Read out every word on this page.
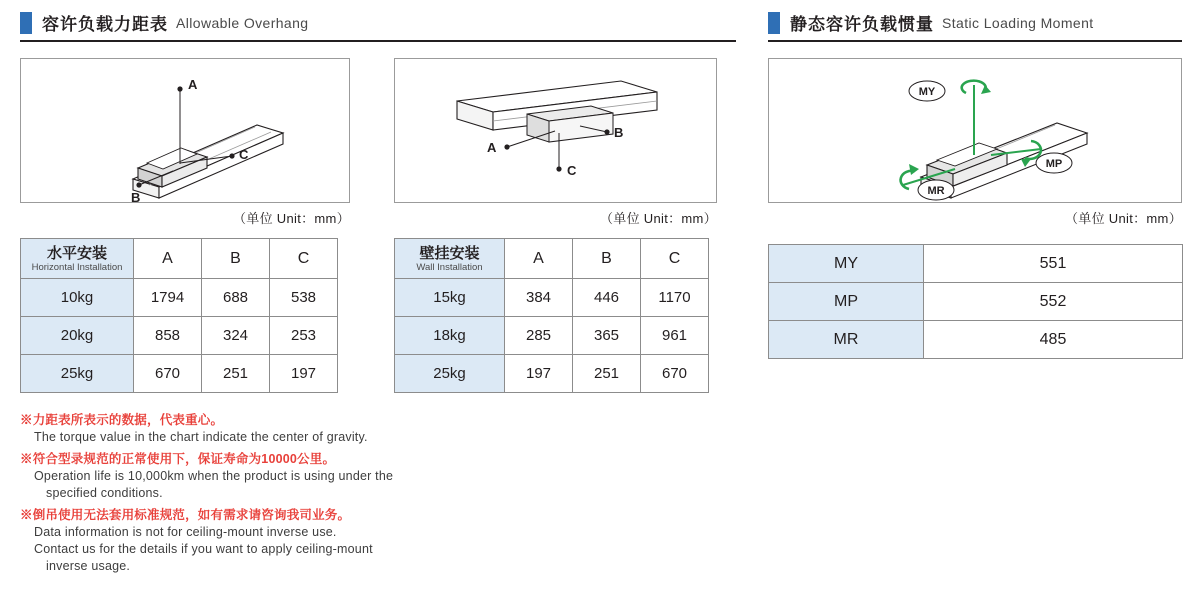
容许负载力距表 Allowable Overhang	静态容许负载惯量 Static Loading Moment
A
B
C	A
B
C
MY
MP
MR
（单位 Unit：mm）	（单位 Unit：mm）	（单位 Unit：mm）
水平安装
Horizontal Installation	A	B	C
10kg	1794	688	538
20kg	858	324	253
25kg	670	251	197
壁挂安装
Wall Installation	A	B	C
15kg	384	446	1170
18kg	285	365	961
25kg	197	251	670
MY	551
MP	552
MR	485
※力距表所表示的数据，代表重心。
The torque value in the chart indicate the center of gravity.
※符合型录规范的正常使用下，保证寿命为10000公里。
Operation life is 10,000km when the product is using under the
specified conditions.
※倒吊使用无法套用标准规范，如有需求请咨询我司业务。
Data information is not for ceiling-mount inverse use.
Contact us for the details if you want to apply ceiling-mount
inverse usage.
